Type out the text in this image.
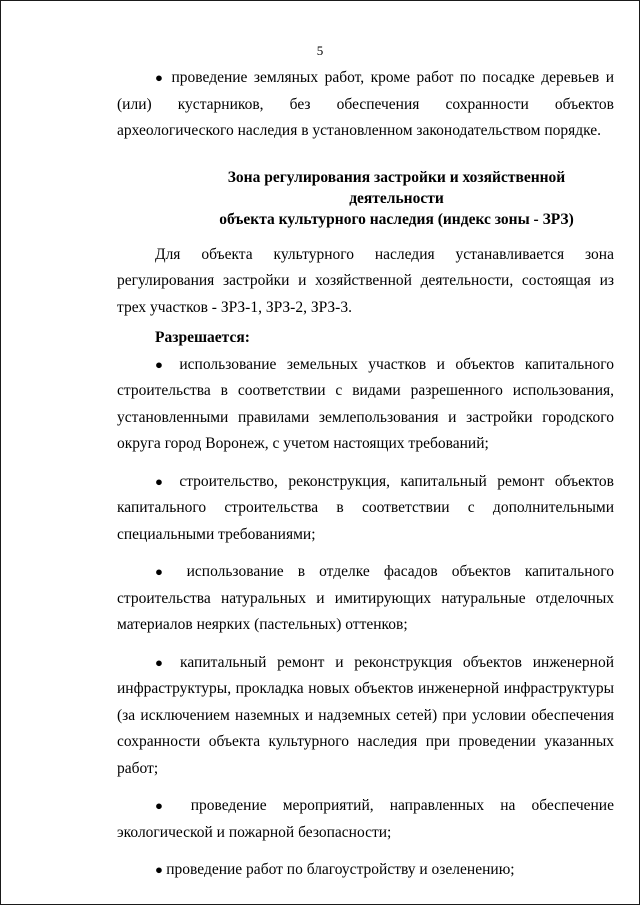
5

● проведение земляных работ, кроме работ по посадке деревьев и (или) кустарников, без обеспечения сохранности объектов археологического наследия в установленном законодательством порядке.

Зона регулирования застройки и хозяйственной деятельности
объекта культурного наследия (индекс зоны - ЗРЗ)

Для объекта культурного наследия устанавливается зона регулирования застройки и хозяйственной деятельности, состоящая из трех участков - ЗРЗ-1, ЗРЗ-2, ЗРЗ-3.

Разрешается:

● использование земельных участков и объектов капитального строительства в соответствии с видами разрешенного использования, установленными правилами землепользования и застройки городского округа город Воронеж, с учетом настоящих требований;

● строительство, реконструкция, капитальный ремонт объектов капитального строительства в соответствии с дополнительными специальными требованиями;

● использование в отделке фасадов объектов капитального строительства натуральных и имитирующих натуральные отделочных материалов неярких (пастельных) оттенков;

● капитальный ремонт и реконструкция объектов инженерной инфраструктуры, прокладка новых объектов инженерной инфраструктуры (за исключением наземных и надземных сетей) при условии обеспечения сохранности объекта культурного наследия при проведении указанных работ;

● проведение мероприятий, направленных на обеспечение экологической и пожарной безопасности;

● проведение работ по благоустройству и озеленению;
